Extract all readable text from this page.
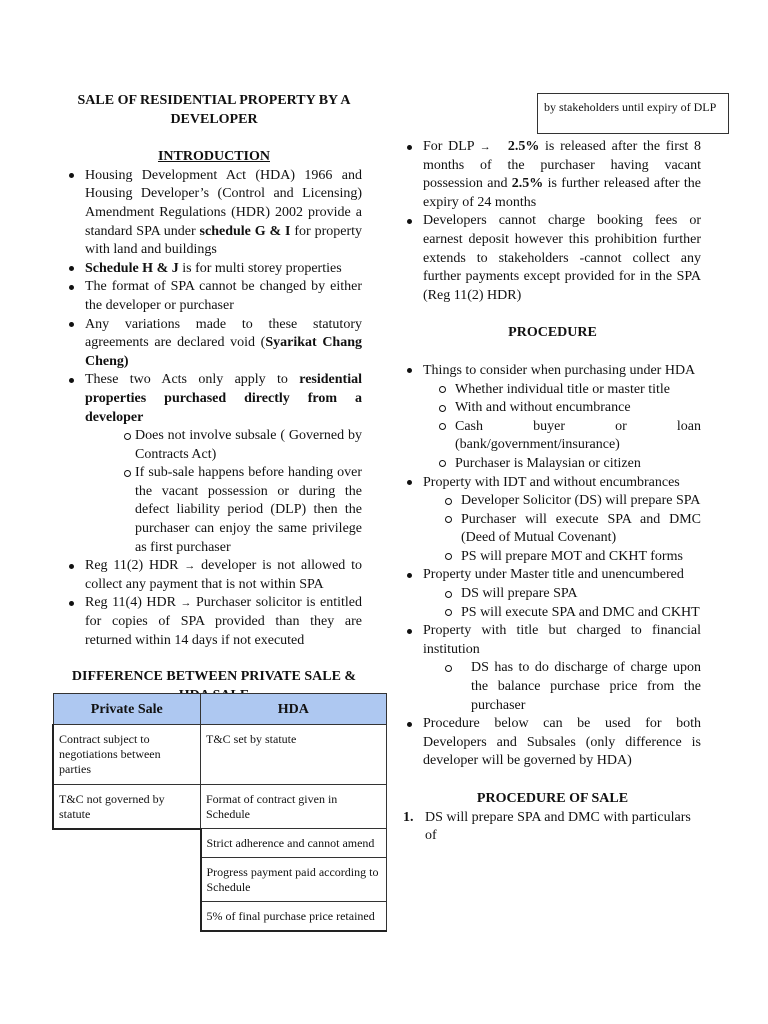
SALE OF RESIDENTIAL PROPERTY BY A
DEVELOPER
INTRODUCTION
Housing Development Act (HDA) 1966 and Housing Developer’s (Control and Licensing) Amendment Regulations (HDR) 2002 provide a standard SPA under schedule G & I for property with land and buildings
Schedule H & J is for multi storey properties
The format of SPA cannot be changed by either the developer or purchaser
Any variations made to these statutory agreements are declared void (Syarikat Chang Cheng)
These two Acts only apply to residential properties purchased directly from a developer
Does not involve subsale ( Governed by Contracts Act)
If sub-sale happens before handing over the vacant possession or during the defect liability period (DLP) then the purchaser can enjoy the same privilege as first purchaser
Reg 11(2) HDR → developer is not allowed to collect any payment that is not within SPA
Reg 11(4) HDR → Purchaser solicitor is entitled for copies of SPA provided than they are returned within 14 days if not executed
DIFFERENCE BETWEEN PRIVATE SALE &

Private Sale	HDA
Contract subject to negotiations between parties	T&C set by statute
T&C not governed by statute	Format of contract given in Schedule
	Strict adherence and cannot amend
	Progress payment paid according to Schedule
	5% of final purchase price retained
by stakeholders until expiry of DLP
For DLP → 2.5% is released after the first 8 months of the purchaser having vacant possession and 2.5% is further released after the expiry of 24 months
Developers cannot charge booking fees or earnest deposit however this prohibition further extends to stakeholders -cannot collect any further payments except provided for in the SPA (Reg 11(2) HDR)
PROCEDURE
Things to consider when purchasing under HDA
Whether individual title or master title
With and without encumbrance
Cash buyer or loan (bank/government/insurance)
Purchaser is Malaysian or citizen
Property with IDT and without encumbrances
Developer Solicitor (DS) will prepare SPA
Purchaser will execute SPA and DMC (Deed of Mutual Covenant)
PS will prepare MOT and CKHT forms
Property under Master title and unencumbered
DS will prepare SPA
PS will execute SPA and DMC and CKHT
Property with title but charged to financial institution
DS has to do discharge of charge upon the balance purchase price from the purchaser
Procedure below can be used for both Developers and Subsales (only difference is developer will be governed by HDA)
PROCEDURE OF SALE
1. DS will prepare SPA and DMC with particulars of
